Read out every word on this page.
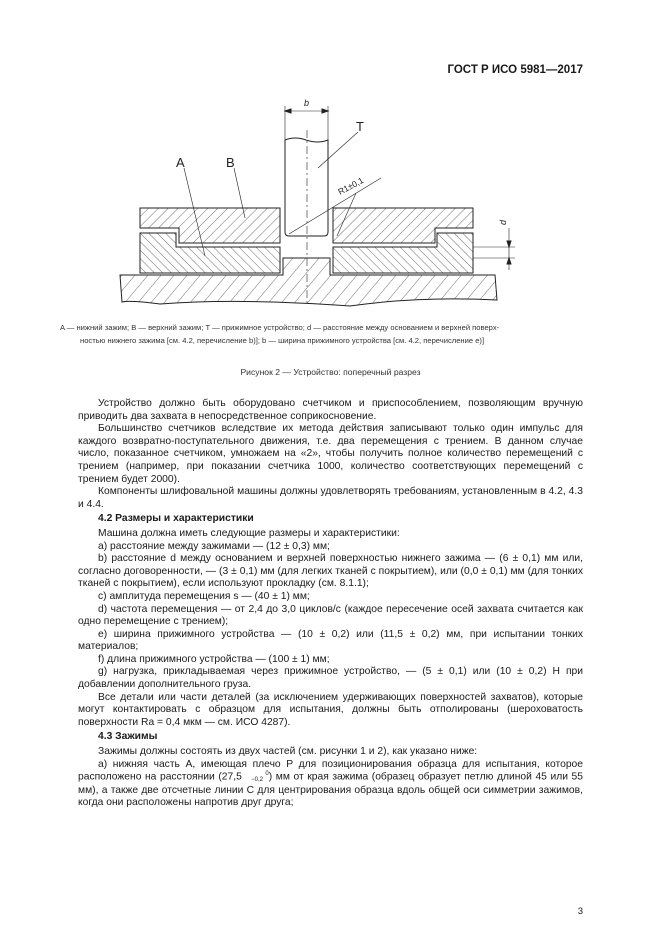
ГОСТ Р ИСО 5981—2017
b
T
A	B
R1±0,1
d
A — нижний зажим; B — верхний зажим; T — прижимное устройство; d — расстояние между основанием и верхней поверх-
ностью нижнего зажима [см. 4.2, перечисление b)]; b — ширина прижимного устройства [см. 4.2, перечисление e)]
Рисунок 2 — Устройство: поперечный разрез

Устройство должно быть оборудовано счетчиком и приспособлением, позволяющим вручную приводить два захвата в непосредственное соприкосновение.

Большинство счетчиков вследствие их метода действия записывают только один импульс для каждого возвратно-поступательного движения, т.е. два перемещения с трением. В данном случае число, показанное счетчиком, умножаем на «2», чтобы получить полное количество перемещений с трением (например, при показании счетчика 1000, количество соответствующих перемещений с трением будет 2000).

Компоненты шлифовальной машины должны удовлетворять требованиям, установленным в 4.2, 4.3 и 4.4.

4.2 Размеры и характеристики

Машина должна иметь следующие размеры и характеристики:

a) расстояние между зажимами — (12 ± 0,3) мм;

b) расстояние d между основанием и верхней поверхностью нижнего зажима — (6 ± 0,1) мм или, согласно договоренности, — (3 ± 0,1) мм (для легких тканей с покрытием), или (0,0 ± 0,1) мм (для тонких тканей с покрытием), если используют прокладку (см. 8.1.1);

c) амплитуда перемещения s — (40 ± 1) мм;

d) частота перемещения — от 2,4 до 3,0 циклов/с (каждое пересечение осей захвата считается как одно перемещение с трением);

e) ширина прижимного устройства — (10 ± 0,2) или (11,5 ± 0,2) мм, при испытании тонких материалов;

f) длина прижимного устройства — (100 ± 1) мм;

g) нагрузка, прикладываемая через прижимное устройство, — (5 ± 0,1) или (10 ± 0,2) Н при добавлении дополнительного груза.

Все детали или части деталей (за исключением удерживающих поверхностей захватов), которые могут контактировать с образцом для испытания, должны быть отполированы (шероховатость поверхности Ra = 0,4 мкм — см. ИСО 4287).

4.3 Зажимы

Зажимы должны состоять из двух частей (см. рисунки 1 и 2), как указано ниже:

a) нижняя часть A, имеющая плечо P для позиционирования образца для испытания, которое расположено на расстоянии (27,5	0
−0,2 ) мм от края зажима (образец образует петлю длиной 45 или 55 мм), а также две отсчетные линии C для центрирования образца вдоль общей оси симметрии зажимов, когда они расположены напротив друг друга;

3
